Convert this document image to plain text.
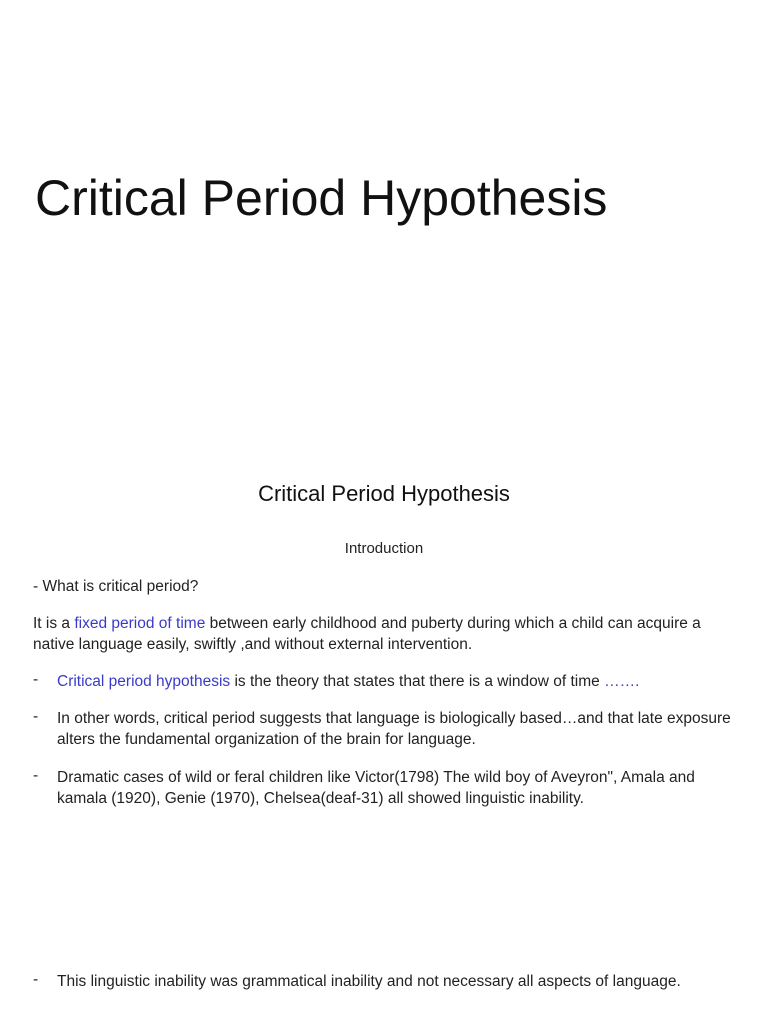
Critical Period Hypothesis
Critical Period Hypothesis
Introduction

- What is critical period?

It is a fixed period of time between early childhood and puberty during which a child can acquire a native language easily, swiftly ,and without external intervention.

- Critical period hypothesis is the theory that states that there is a window of time …….
- In other words, critical period suggests that language is biologically based…and that late exposure alters the fundamental organization of the brain for language.
- Dramatic cases of wild or feral children like Victor(1798) The wild boy of Aveyron", Amala and kamala (1920), Genie (1970), Chelsea(deaf-31) all showed linguistic inability.
- This linguistic inability was grammatical inability and not necessary all aspects of language.
